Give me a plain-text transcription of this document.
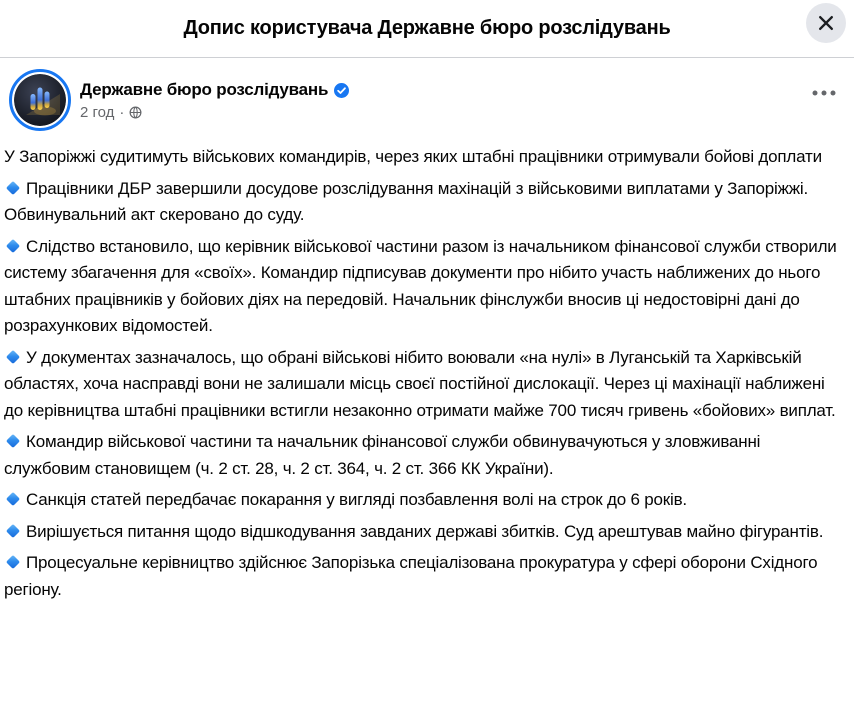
Допис користувача Державне бюро розслідувань
Державне бюро розслідувань
2 год ·
У Запоріжжі судитимуть військових командирів, через яких штабні працівники отримували бойові доплати
Працівники ДБР завершили досудове розслідування махінацій з військовими виплатами у Запоріжжі.
Обвинувальний акт скеровано до суду.
Слідство встановило, що керівник військової частини разом із начальником фінансової служби створили систему збагачення для «своїх». Командир підписував документи про нібито участь наближених до нього штабних працівників у бойових діях на передовій. Начальник фінслужби вносив ці недостовірні дані до розрахункових відомостей.
У документах зазначалось, що обрані військові нібито воювали «на нулі» в Луганській та Харківській областях, хоча насправді вони не залишали місць своєї постійної дислокації. Через ці махінації наближені до керівництва штабні працівники встигли незаконно отримати майже 700 тисяч гривень «бойових» виплат.
Командир військової частини та начальник фінансової служби обвинувачуються у зловживанні службовим становищем (ч. 2 ст. 28, ч. 2 ст. 364, ч. 2 ст. 366 КК України).
Санкція статей передбачає покарання у вигляді позбавлення волі на строк до 6 років.
Вирішується питання щодо відшкодування завданих державі збитків. Суд арештував майно фігурантів.
Процесуальне керівництво здійснює Запорізька спеціалізована прокуратура у сфері оборони Східного регіону.
